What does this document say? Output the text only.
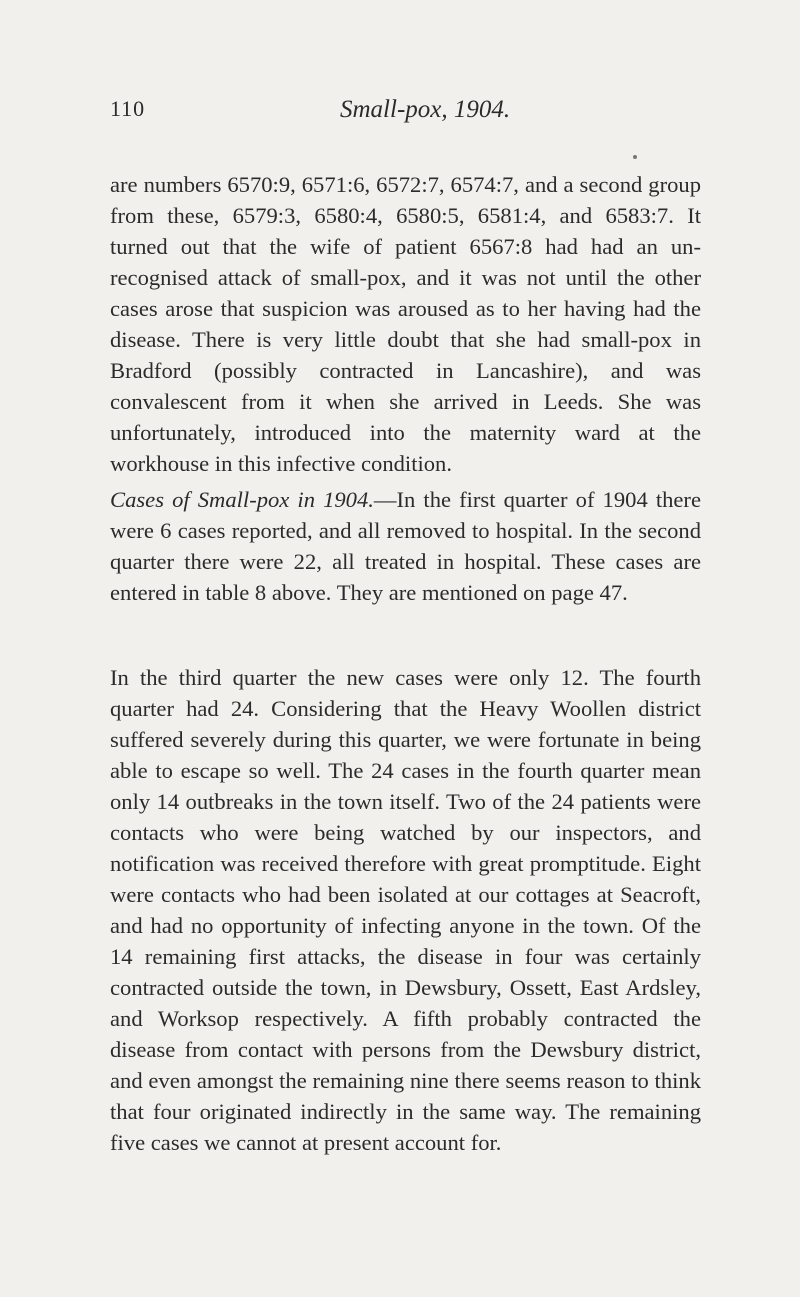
110	Small-pox, 1904.

are numbers 6570:9, 6571:6, 6572:7, 6574:7, and a second group from these, 6579:3, 6580:4, 6580:5, 6581:4, and 6583:7. It turned out that the wife of patient 6567:8 had had an un-recognised attack of small-pox, and it was not until the other cases arose that suspicion was aroused as to her having had the disease. There is very little doubt that she had small-pox in Bradford (possibly contracted in Lancashire), and was convalescent from it when she arrived in Leeds. She was unfortunately, introduced into the maternity ward at the workhouse in this infective condition.

Cases of Small-pox in 1904.—In the first quarter of 1904 there were 6 cases reported, and all removed to hospital. In the second quarter there were 22, all treated in hospital. These cases are entered in table 8 above. They are mentioned on page 47.

In the third quarter the new cases were only 12. The fourth quarter had 24. Considering that the Heavy Woollen district suffered severely during this quarter, we were fortunate in being able to escape so well. The 24 cases in the fourth quarter mean only 14 outbreaks in the town itself. Two of the 24 patients were contacts who were being watched by our inspectors, and notification was received therefore with great promptitude. Eight were contacts who had been isolated at our cottages at Seacroft, and had no opportunity of infecting anyone in the town. Of the 14 remaining first attacks, the disease in four was certainly contracted outside the town, in Dewsbury, Ossett, East Ardsley, and Worksop respectively. A fifth probably contracted the disease from contact with persons from the Dewsbury district, and even amongst the remaining nine there seems reason to think that four originated indirectly in the same way. The remaining five cases we cannot at present account for.
